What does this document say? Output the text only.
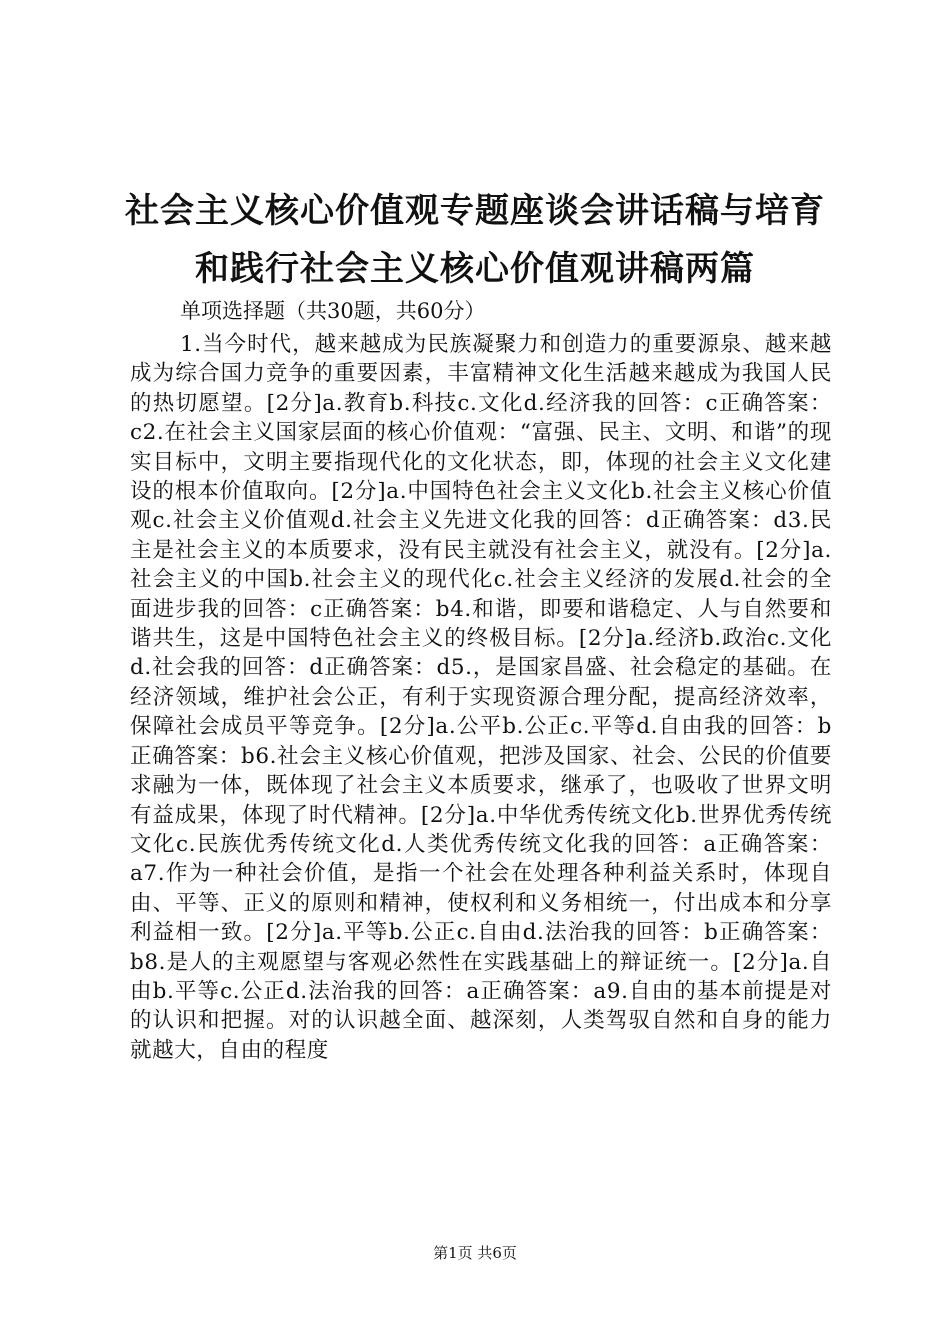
社会主义核心价值观专题座谈会讲话稿与培育和践行社会主义核心价值观讲稿两篇

单项选择题（共30题，共60分）

1.当今时代，越来越成为民族凝聚力和创造力的重要源泉、越来越成为综合国力竞争的重要因素，丰富精神文化生活越来越成为我国人民的热切愿望。[2分]a.教育b.科技c.文化d.经济我的回答：c正确答案：c2.在社会主义国家层面的核心价值观：“富强、民主、文明、和谐”的现实目标中，文明主要指现代化的文化状态，即，体现的社会主义文化建设的根本价值取向。[2分]a.中国特色社会主义文化b.社会主义核心价值观c.社会主义价值观d.社会主义先进文化我的回答：d正确答案：d3.民主是社会主义的本质要求，没有民主就没有社会主义，就没有。[2分]a.社会主义的中国b.社会主义的现代化c.社会主义经济的发展d.社会的全面进步我的回答：c正确答案：b4.和谐，即要和谐稳定、人与自然要和谐共生，这是中国特色社会主义的终极目标。[2分]a.经济b.政治c.文化d.社会我的回答：d正确答案：d5.，是国家昌盛、社会稳定的基础。在经济领域，维护社会公正，有利于实现资源合理分配，提高经济效率，保障社会成员平等竞争。[2分]a.公平b.公正c.平等d.自由我的回答：b正确答案：b6.社会主义核心价值观，把涉及国家、社会、公民的价值要求融为一体，既体现了社会主义本质要求，继承了，也吸收了世界文明有益成果，体现了时代精神。[2分]a.中华优秀传统文化b.世界优秀传统文化c.民族优秀传统文化d.人类优秀传统文化我的回答：a正确答案：a7.作为一种社会价值，是指一个社会在处理各种利益关系时，体现自由、平等、正义的原则和精神，使权利和义务相统一，付出成本和分享利益相一致。[2分]a.平等b.公正c.自由d.法治我的回答：b正确答案：b8.是人的主观愿望与客观必然性在实践基础上的辩证统一。[2分]a.自由b.平等c.公正d.法治我的回答：a正确答案：a9.自由的基本前提是对的认识和把握。对的认识越全面、越深刻，人类驾驭自然和自身的能力就越大，自由的程度

第1页 共6页
